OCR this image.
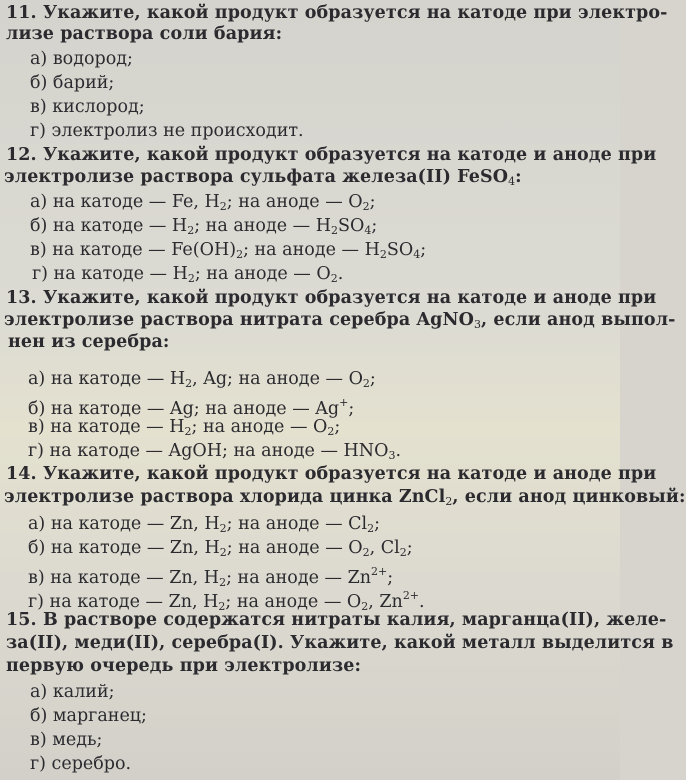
11. Укажите, какой продукт образуется на катоде при электро-
лизе раствора соли бария:
а) водород;
б) барий;
в) кислород;
г) электролиз не происходит.
12. Укажите, какой продукт образуется на катоде и аноде при
электролизе раствора сульфата железа(II) FeSO4:
а) на катоде — Fe, H2; на аноде — O2;
б) на катоде — H2; на аноде — H2SO4;
в) на катоде — Fe(OH)2; на аноде — H2SO4;
г) на катоде — H2; на аноде — O2.
13. Укажите, какой продукт образуется на катоде и аноде при
электролизе раствора нитрата серебра AgNO3, если анод выпол-
нен из серебра:
а) на катоде — H2, Ag; на аноде — O2;
б) на катоде — Ag; на аноде — Ag+;
в) на катоде — H2; на аноде — O2;
г) на катоде — AgOH; на аноде — HNO3.
14. Укажите, какой продукт образуется на катоде и аноде при
электролизе раствора хлорида цинка ZnCl2, если анод цинковый:
а) на катоде — Zn, H2; на аноде — Cl2;
б) на катоде — Zn, H2; на аноде — O2, Cl2;
в) на катоде — Zn, H2; на аноде — $Zn^{2+}$;
г) на катоде — Zn, H2; на аноде — O2, $Zn^{2+}$.
15. В растворе содержатся нитраты калия, марганца(II), желе-
за(II), меди(II), серебра(I). Укажите, какой металл выделится в
первую очередь при электролизе:
а) калий;
б) марганец;
в) медь;
г) серебро.
